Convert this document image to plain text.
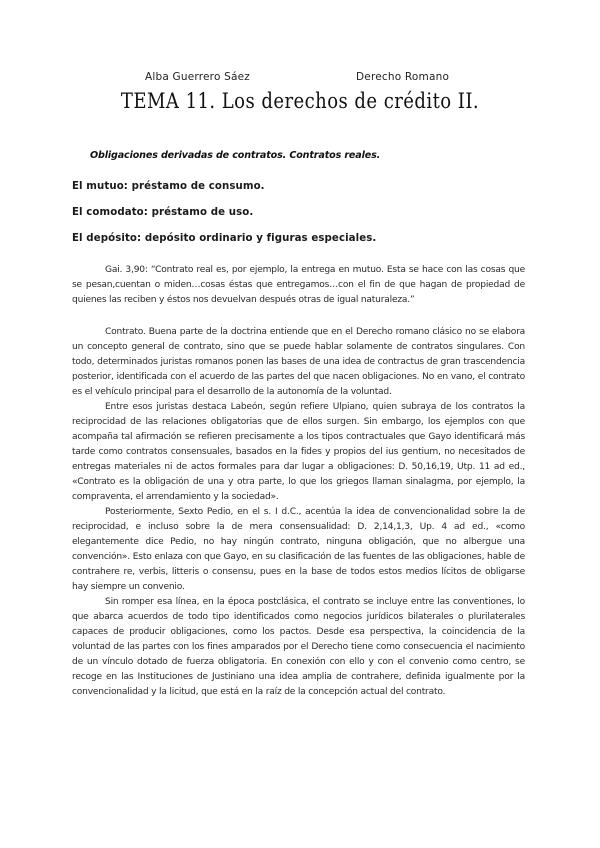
Alba Guerrero Sáez	Derecho Romano
TEMA 11. Los derechos de crédito II.
Obligaciones derivadas de contratos. Contratos reales.
El mutuo: préstamo de consumo.
El comodato: préstamo de uso.
El depósito: depósito ordinario y figuras especiales.

Gai. 3,90: “Contrato real es, por ejemplo, la entrega en mutuo. Esta se hace con las cosas que se pesan,cuentan o miden…cosas éstas que entregamos…con el fin de que hagan de propiedad de quienes las reciben y éstos nos devuelvan después otras de igual naturaleza.”

Contrato. Buena parte de la doctrina entiende que en el Derecho romano clásico no se elabora un concepto general de contrato, sino que se puede hablar solamente de contratos singulares. Con todo, determinados juristas romanos ponen las bases de una idea de contractus de gran trascendencia posterior, identificada con el acuerdo de las partes del que nacen obligaciones. No en vano, el contrato es el vehículo principal para el desarrollo de la autonomía de la voluntad.

Entre esos juristas destaca Labeón, según refiere Ulpiano, quien subraya de los contratos la reciprocidad de las relaciones obligatorias que de ellos surgen. Sin embargo, los ejemplos con que acompaña tal afirmación se refieren precisamente a los tipos contractuales que Gayo identificará más tarde como contratos consensuales, basados en la fides y propios del ius gentium, no necesitados de entregas materiales ni de actos formales para dar lugar a obligaciones: D. 50,16,19, Utp. 11 ad ed., «Contrato es la obligación de una y otra parte, lo que los griegos llaman sinalagma, por ejemplo, la compraventa, el arrendamiento y la sociedad».

Posteriormente, Sexto Pedio, en el s. I d.C., acentúa la idea de convencionalidad sobre la de reciprocidad, e incluso sobre la de mera consensualidad: D. 2,14,1,3, Up. 4 ad ed., «como elegantemente dice Pedio, no hay ningún contrato, ninguna obligación, que no albergue una convención». Esto enlaza con que Gayo, en su clasificación de las fuentes de las obligaciones, hable de contrahere re, verbis, litteris o consensu, pues en la base de todos estos medios lícitos de obligarse hay siempre un convenio.

Sin romper esa línea, en la época postclásica, el contrato se incluye entre las conventiones, lo que abarca acuerdos de todo tipo identificados como negocios jurídicos bilaterales o plurilaterales capaces de producir obligaciones, como los pactos. Desde esa perspectiva, la coincidencia de la voluntad de las partes con los fines amparados por el Derecho tiene como consecuencia el nacimiento de un vínculo dotado de fuerza obligatoria. En conexión con ello y con el convenio como centro, se recoge en las Instituciones de Justiniano una idea amplia de contrahere, definida igualmente por la convencionalidad y la licitud, que está en la raíz de la concepción actual del contrato.
